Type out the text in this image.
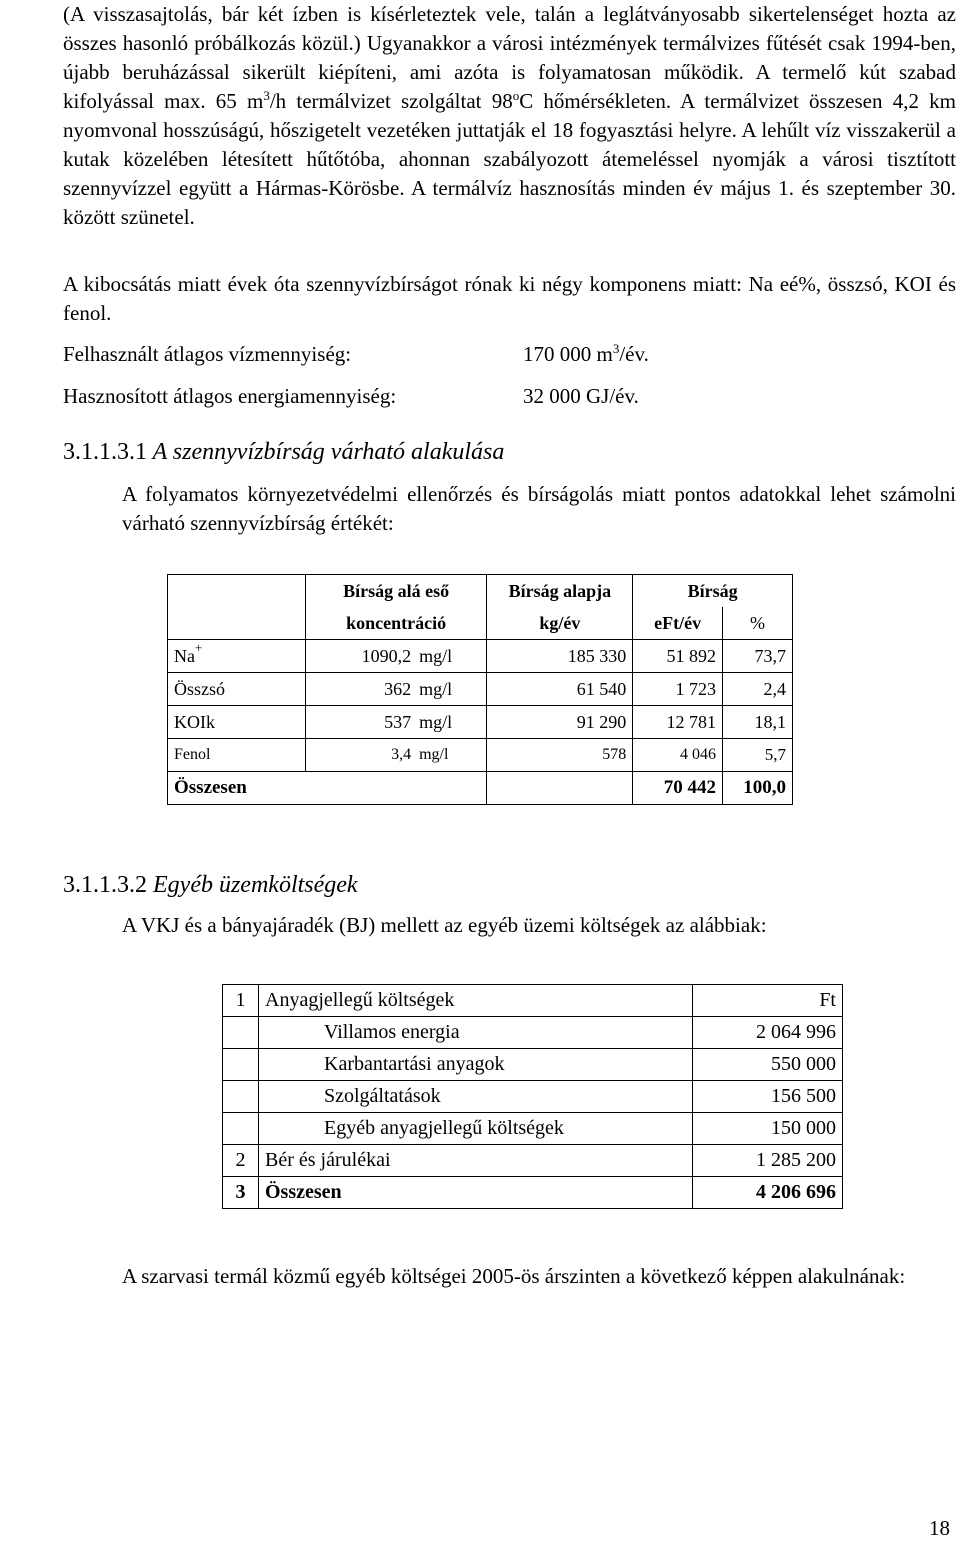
(A visszasajtolás, bár két ízben is kísérleteztek vele, talán a leglátványosabb sikertelenséget hozta az összes hasonló próbálkozás közül.) Ugyanakkor a városi intézmények termálvizes fűtését csak 1994-ben, újabb beruházással sikerült kiépíteni, ami azóta is folyamatosan működik. A termelő kút szabad kifolyással max. 65 $m^3/h$ termálvizet szolgáltat 98$^o$C hőmérsékleten. A termálvizet összesen 4,2 km nyomvonal hosszúságú, hőszigetelt vezetéken juttatják el 18 fogyasztási helyre. A lehűlt víz visszakerül a kutak közelében létesített hűtőtóba, ahonnan szabályozott átemeléssel nyomják a városi tisztított szennyvízzel együtt a Hármas-Körösbe. A termálvíz hasznosítás minden év május 1. és szeptember 30. között szünetel.
A kibocsátás miatt évek óta szennyvízbírságot rónak ki négy komponens miatt: Na eé%, összsó, KOI és fenol.
Felhasznált átlagos vízmennyiség:	170 000 $m^3/év$.
Hasznosított átlagos energiamennyiség:	32 000 GJ/év.
3.1.1.3.1 A szennyvízbírság várható alakulása
A folyamatos környezetvédelmi ellenőrzés és bírságolás miatt pontos adatokkal lehet számolni várható szennyvízbírság értékét:
	Bírság alá eső		Bírság alapja	Bírság	
	koncentráció		kg/év	eFt/év	%
Na+	1090,2	mg/l	185 330	51 892	73,7
Összsó	362	mg/l	61 540	1 723	2,4
KOIk	537	mg/l	91 290	12 781	18,1
Fenol	3,4	mg/l	578	4 046	5,7
Összesen				70 442	100,0
3.1.1.3.2 Egyéb üzemköltségek
A VKJ és a bányajáradék (BJ) mellett az egyéb üzemi költségek az alábbiak:
1	Anyagjellegű költségek	Ft
	Villamos energia	2 064 996
	Karbantartási anyagok	550 000
	Szolgáltatások	156 500
	Egyéb anyagjellegű költségek	150 000
2	Bér és járulékai	1 285 200
3	Összesen	4 206 696
A szarvasi termál közmű egyéb költségei 2005-ös árszinten a következő képpen alakulnának:
18
